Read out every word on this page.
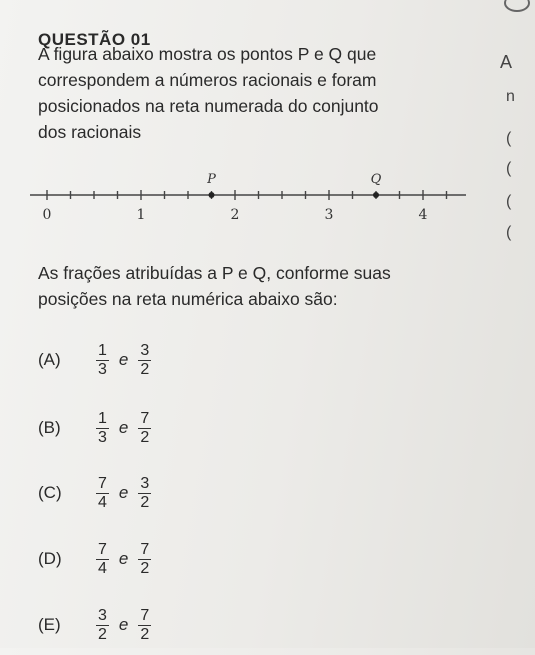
QUESTÃO 01

A figura abaixo mostra os pontos P e Q que
correspondem a números racionais e foram
posicionados na reta numerada do conjunto
dos racionais

0	1	2	3	4
P	Q

As frações atribuídas a P e Q, conforme suas
posições na reta numérica abaixo são:

(A)	$\frac{1}{3}$ e $\frac{3}{2}$
(B)	$\frac{1}{3}$ e $\frac{7}{2}$
(C)	$\frac{7}{4}$ e $\frac{3}{2}$
(D)	$\frac{7}{4}$ e $\frac{7}{2}$
(E)	$\frac{3}{2}$ e $\frac{7}{2}$
A
n
(
(
(
(
